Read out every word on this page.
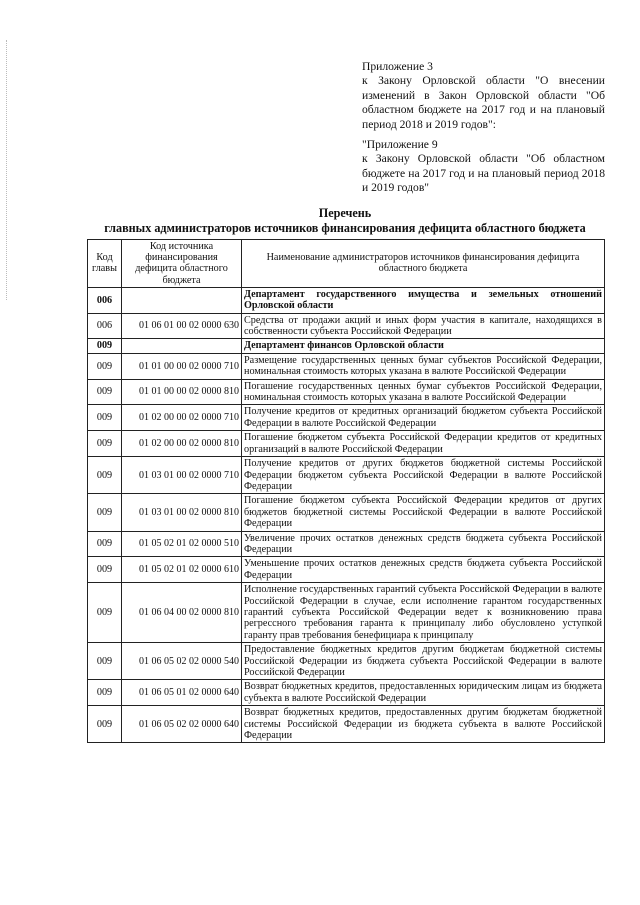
Приложение 3

к Закону Орловской области "О внесении изменений в Закон Орловской области "Об областном бюджете на 2017 год и на плановый период 2018 и 2019 годов":

"Приложение 9

к Закону Орловской области "Об областном бюджете на 2017 год и на плановый период 2018 и 2019 годов"

Перечень
главных администраторов источников финансирования дефицита областного бюджета
Код главы	Код источника финансирования дефицита областного бюджета	Наименование администраторов источников финансирования дефицита областного бюджета
006		Департамент государственного имущества и земельных отношений Орловской области
006	01 06 01 00 02 0000 630	Средства от продажи акций и иных форм участия в капитале, находящихся в собственности субъекта Российской Федерации
009		Департамент финансов Орловской области
009	01 01 00 00 02 0000 710	Размещение государственных ценных бумаг субъектов Российской Федерации, номинальная стоимость которых указана в валюте Российской Федерации
009	01 01 00 00 02 0000 810	Погашение государственных ценных бумаг субъектов Российской Федерации, номинальная стоимость которых указана в валюте Российской Федерации
009	01 02 00 00 02 0000 710	Получение кредитов от кредитных организаций бюджетом субъекта Российской Федерации в валюте Российской Федерации
009	01 02 00 00 02 0000 810	Погашение бюджетом субъекта Российской Федерации кредитов от кредитных организаций в валюте Российской Федерации
009	01 03 01 00 02 0000 710	Получение кредитов от других бюджетов бюджетной системы Российской Федерации бюджетом субъекта Российской Федерации в валюте Российской Федерации
009	01 03 01 00 02 0000 810	Погашение бюджетом субъекта Российской Федерации кредитов от других бюджетов бюджетной системы Российской Федерации в валюте Российской Федерации
009	01 05 02 01 02 0000 510	Увеличение прочих остатков денежных средств бюджета субъекта Российской Федерации
009	01 05 02 01 02 0000 610	Уменьшение прочих остатков денежных средств бюджета субъекта Российской Федерации
009	01 06 04 00 02 0000 810	Исполнение государственных гарантий субъекта Российской Федерации в валюте Российской Федерации в случае, если исполнение гарантом государственных гарантий субъекта Российской Федерации ведет к возникновению права регрессного требования гаранта к принципалу либо обусловлено уступкой гаранту прав требования бенефициара к принципалу
009	01 06 05 02 02 0000 540	Предоставление бюджетных кредитов другим бюджетам бюджетной системы Российской Федерации из бюджета субъекта Российской Федерации в валюте Российской Федерации
009	01 06 05 01 02 0000 640	Возврат бюджетных кредитов, предоставленных юридическим лицам из бюджета субъекта в валюте Российской Федерации
009	01 06 05 02 02 0000 640	Возврат бюджетных кредитов, предоставленных другим бюджетам бюджетной системы Российской Федерации из бюджета субъекта в валюте Российской Федерации
